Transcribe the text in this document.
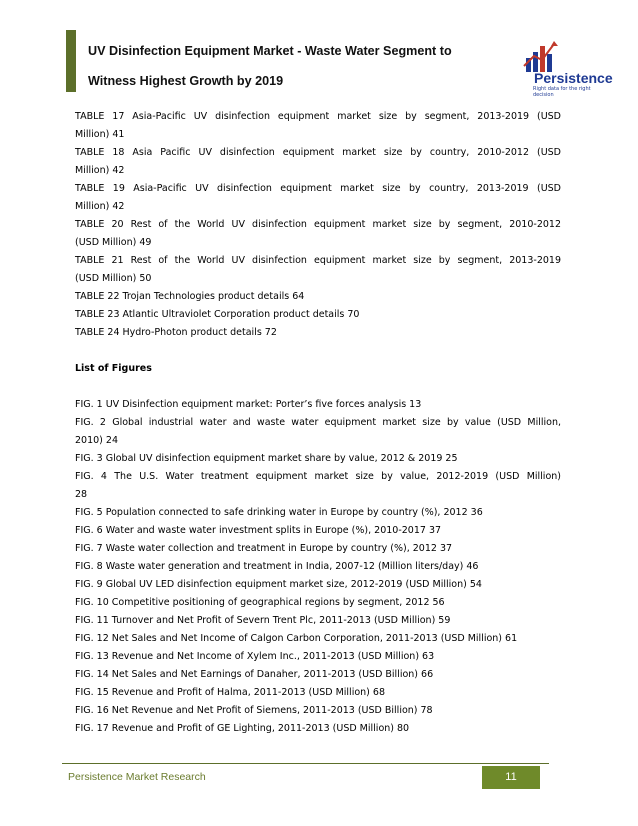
UV Disinfection Equipment Market - Waste Water Segment to
Witness Highest Growth by 2019	Persistence
Right data for the right decision
TABLE 17 Asia-Pacific UV disinfection equipment market size by segment, 2013-2019 (USD
Million) 41
TABLE 18 Asia Pacific UV disinfection equipment market size by country, 2010-2012 (USD
Million) 42
TABLE 19 Asia-Pacific UV disinfection equipment market size by country, 2013-2019 (USD
Million) 42
TABLE 20 Rest of the World UV disinfection equipment market size by segment, 2010-2012
(USD Million) 49
TABLE 21 Rest of the World UV disinfection equipment market size by segment, 2013-2019
(USD Million) 50
TABLE 22 Trojan Technologies product details 64
TABLE 23 Atlantic Ultraviolet Corporation product details 70
TABLE 24 Hydro-Photon product details 72
List of Figures
FIG. 1 UV Disinfection equipment market: Porter’s five forces analysis 13
FIG. 2 Global industrial water and waste water equipment market size by value (USD Million,
2010) 24
FIG. 3 Global UV disinfection equipment market share by value, 2012 & 2019 25
FIG. 4 The U.S. Water treatment equipment market size by value, 2012-2019 (USD Million)
28
FIG. 5 Population connected to safe drinking water in Europe by country (%), 2012 36
FIG. 6 Water and waste water investment splits in Europe (%), 2010-2017 37
FIG. 7 Waste water collection and treatment in Europe by country (%), 2012 37
FIG. 8 Waste water generation and treatment in India, 2007-12 (Million liters/day) 46
FIG. 9 Global UV LED disinfection equipment market size, 2012-2019 (USD Million) 54
FIG. 10 Competitive positioning of geographical regions by segment, 2012 56
FIG. 11 Turnover and Net Profit of Severn Trent Plc, 2011-2013 (USD Million) 59
FIG. 12 Net Sales and Net Income of Calgon Carbon Corporation, 2011-2013 (USD Million) 61
FIG. 13 Revenue and Net Income of Xylem Inc., 2011-2013 (USD Million) 63
FIG. 14 Net Sales and Net Earnings of Danaher, 2011-2013 (USD Billion) 66
FIG. 15 Revenue and Profit of Halma, 2011-2013 (USD Million) 68
FIG. 16 Net Revenue and Net Profit of Siemens, 2011-2013 (USD Billion) 78
FIG. 17 Revenue and Profit of GE Lighting, 2011-2013 (USD Million) 80
Persistence Market Research	11
